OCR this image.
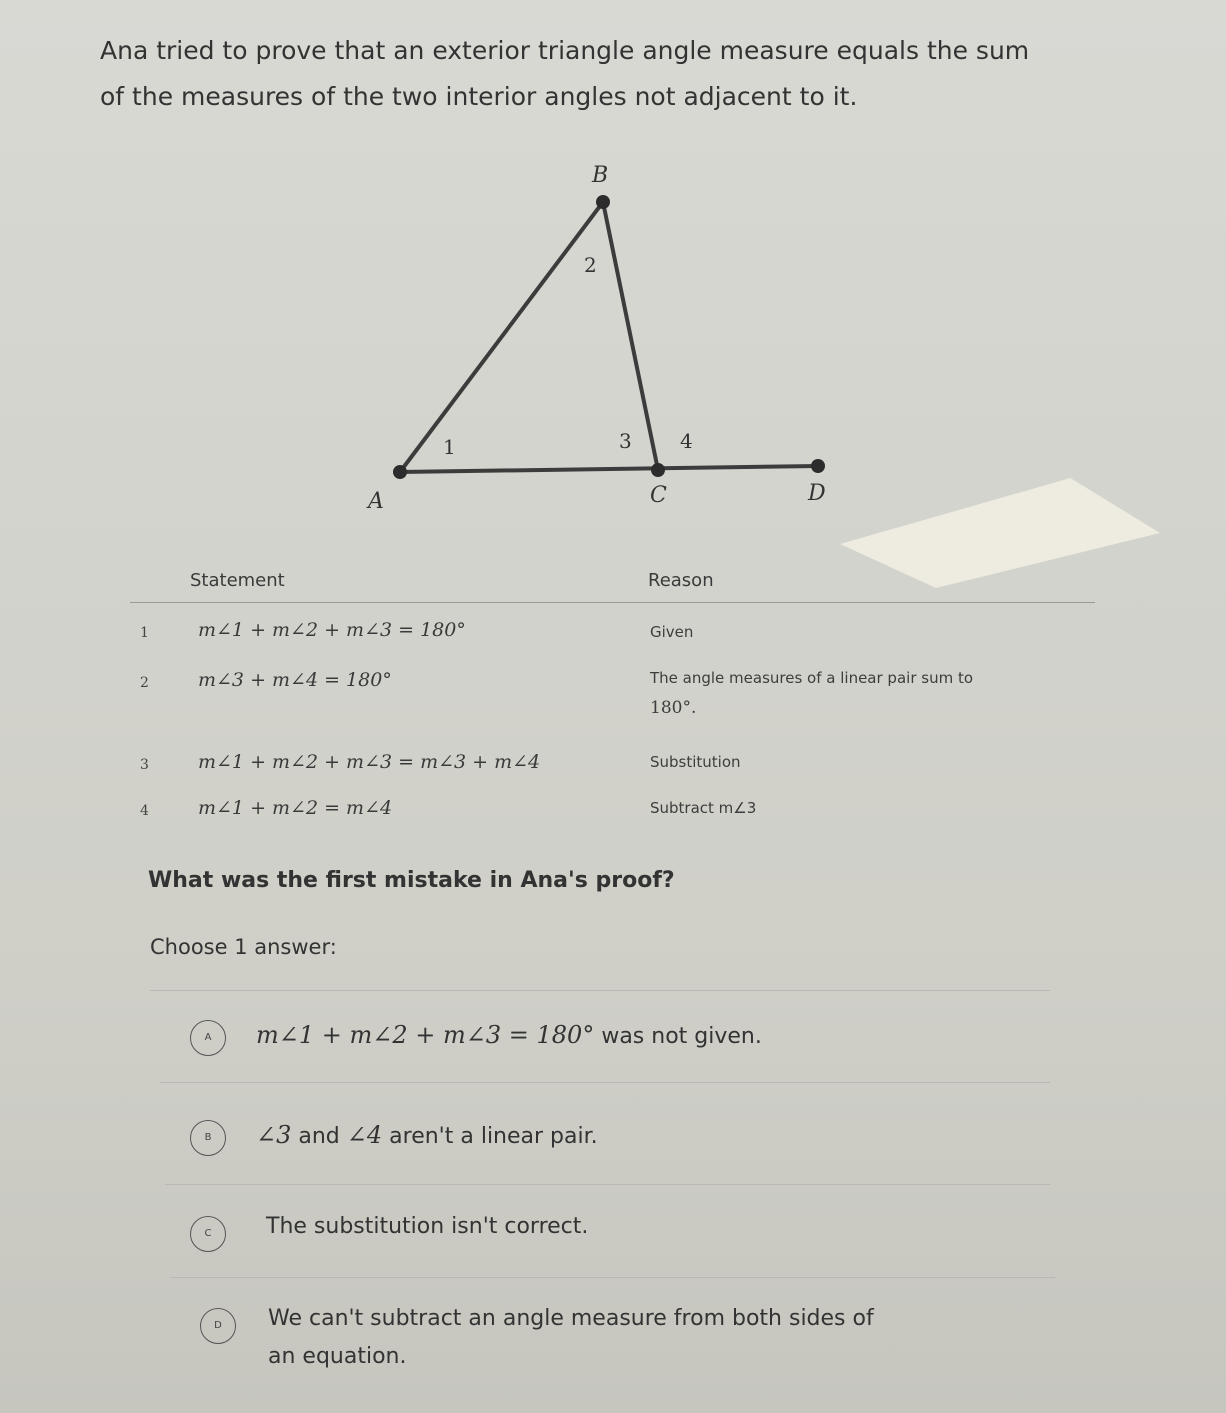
Ana tried to prove that an exterior triangle angle measure equals the sum
of the measures of the two interior angles not adjacent to it.
B
A	C	D
1
2
3 4
Statement	Reason
1	m∠1 + m∠2 + m∠3 = 180°	Given
2	m∠3 + m∠4 = 180°	The angle measures of a linear pair sum to
180°.
3	m∠1 + m∠2 + m∠3 = m∠3 + m∠4	Substitution
4	m∠1 + m∠2 = m∠4	Subtract m∠3
What was the first mistake in Ana's proof?
Choose 1 answer:
A	m∠1 + m∠2 + m∠3 = 180° was not given.
B	∠3 and ∠4 aren't a linear pair.
C	The substitution isn't correct.
D	We can't subtract an angle measure from both sides of
an equation.
